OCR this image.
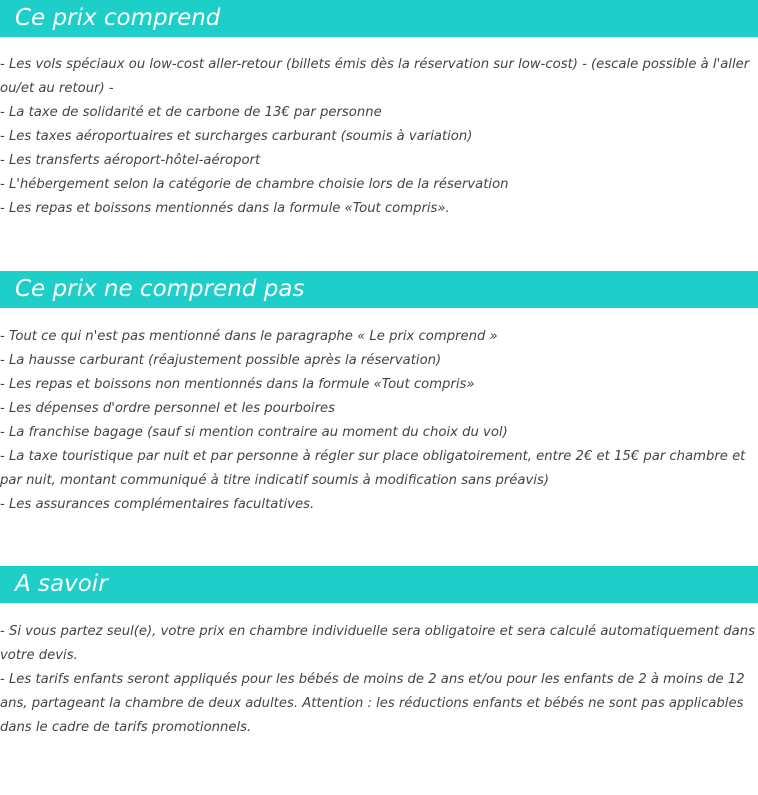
Ce prix comprend
- Les vols spéciaux ou low-cost aller-retour (billets émis dès la réservation sur low-cost) - (escale possible à l'aller ou/et au retour) -
- La taxe de solidarité et de carbone de 13€ par personne
- Les taxes aéroportuaires et surcharges carburant (soumis à variation)
- Les transferts aéroport-hôtel-aéroport
- L'hébergement selon la catégorie de chambre choisie lors de la réservation
- Les repas et boissons mentionnés dans la formule «Tout compris».
Ce prix ne comprend pas
- Tout ce qui n'est pas mentionné dans le paragraphe « Le prix comprend »
- La hausse carburant (réajustement possible après la réservation)
- Les repas et boissons non mentionnés dans la formule «Tout compris»
- Les dépenses d'ordre personnel et les pourboires
- La franchise bagage (sauf si mention contraire au moment du choix du vol)
- La taxe touristique par nuit et par personne à régler sur place obligatoirement, entre 2€ et 15€ par chambre et par nuit, montant communiqué à titre indicatif soumis à modification sans préavis)
- Les assurances complémentaires facultatives.
A savoir
- Si vous partez seul(e), votre prix en chambre individuelle sera obligatoire et sera calculé automatiquement dans votre devis.
- Les tarifs enfants seront appliqués pour les bébés de moins de 2 ans et/ou pour les enfants de 2 à moins de 12 ans, partageant la chambre de deux adultes. Attention : les réductions enfants et bébés ne sont pas applicables dans le cadre de tarifs promotionnels.
